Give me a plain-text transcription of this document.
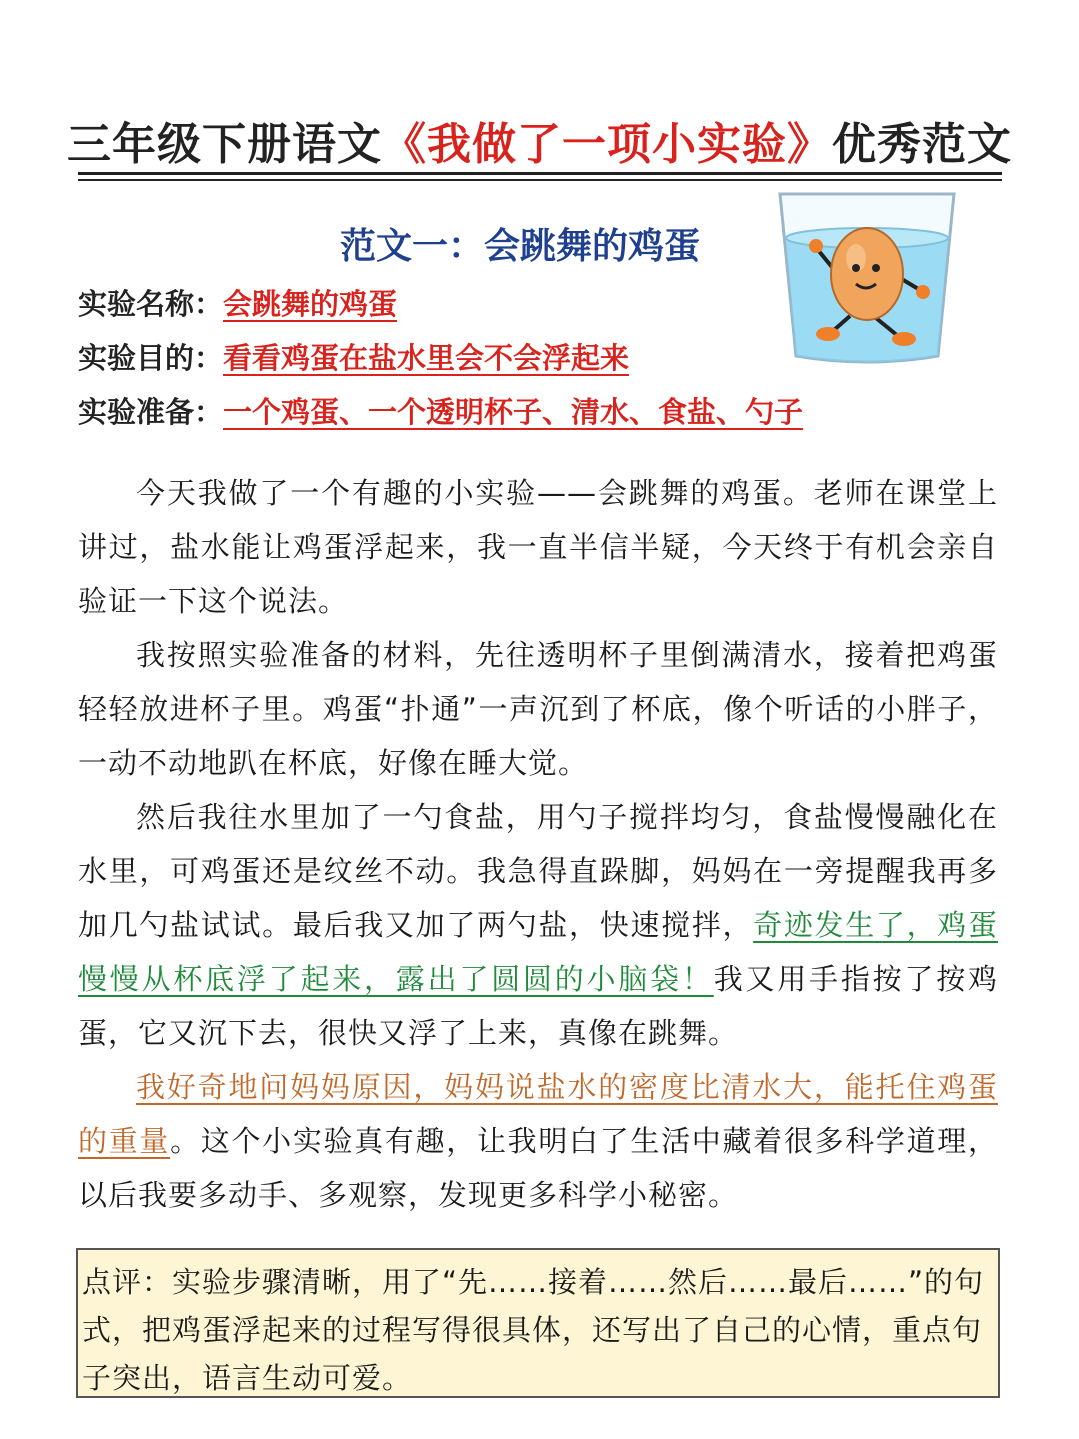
三年级下册语文《我做了一项小实验》优秀范文
范文一：会跳舞的鸡蛋
实验名称：会跳舞的鸡蛋
实验目的：看看鸡蛋在盐水里会不会浮起来
实验准备：一个鸡蛋、一个透明杯子、清水、食盐、勺子

今天我做了一个有趣的小实验——会跳舞的鸡蛋。老师在课堂上讲过，盐水能让鸡蛋浮起来，我一直半信半疑，今天终于有机会亲自验证一下这个说法。

我按照实验准备的材料，先往透明杯子里倒满清水，接着把鸡蛋轻轻放进杯子里。鸡蛋“扑通”一声沉到了杯底，像个听话的小胖子，一动不动地趴在杯底，好像在睡大觉。

然后我往水里加了一勺食盐，用勺子搅拌均匀，食盐慢慢融化在水里，可鸡蛋还是纹丝不动。我急得直跺脚，妈妈在一旁提醒我再多加几勺盐试试。最后我又加了两勺盐，快速搅拌，奇迹发生了，鸡蛋慢慢从杯底浮了起来，露出了圆圆的小脑袋！我又用手指按了按鸡蛋，它又沉下去，很快又浮了上来，真像在跳舞。

我好奇地问妈妈原因，妈妈说盐水的密度比清水大，能托住鸡蛋的重量。这个小实验真有趣，让我明白了生活中藏着很多科学道理，以后我要多动手、多观察，发现更多科学小秘密。

点评：实验步骤清晰，用了“先……接着……然后……最后……”的句式，把鸡蛋浮起来的过程写得很具体，还写出了自己的心情，重点句子突出，语言生动可爱。
